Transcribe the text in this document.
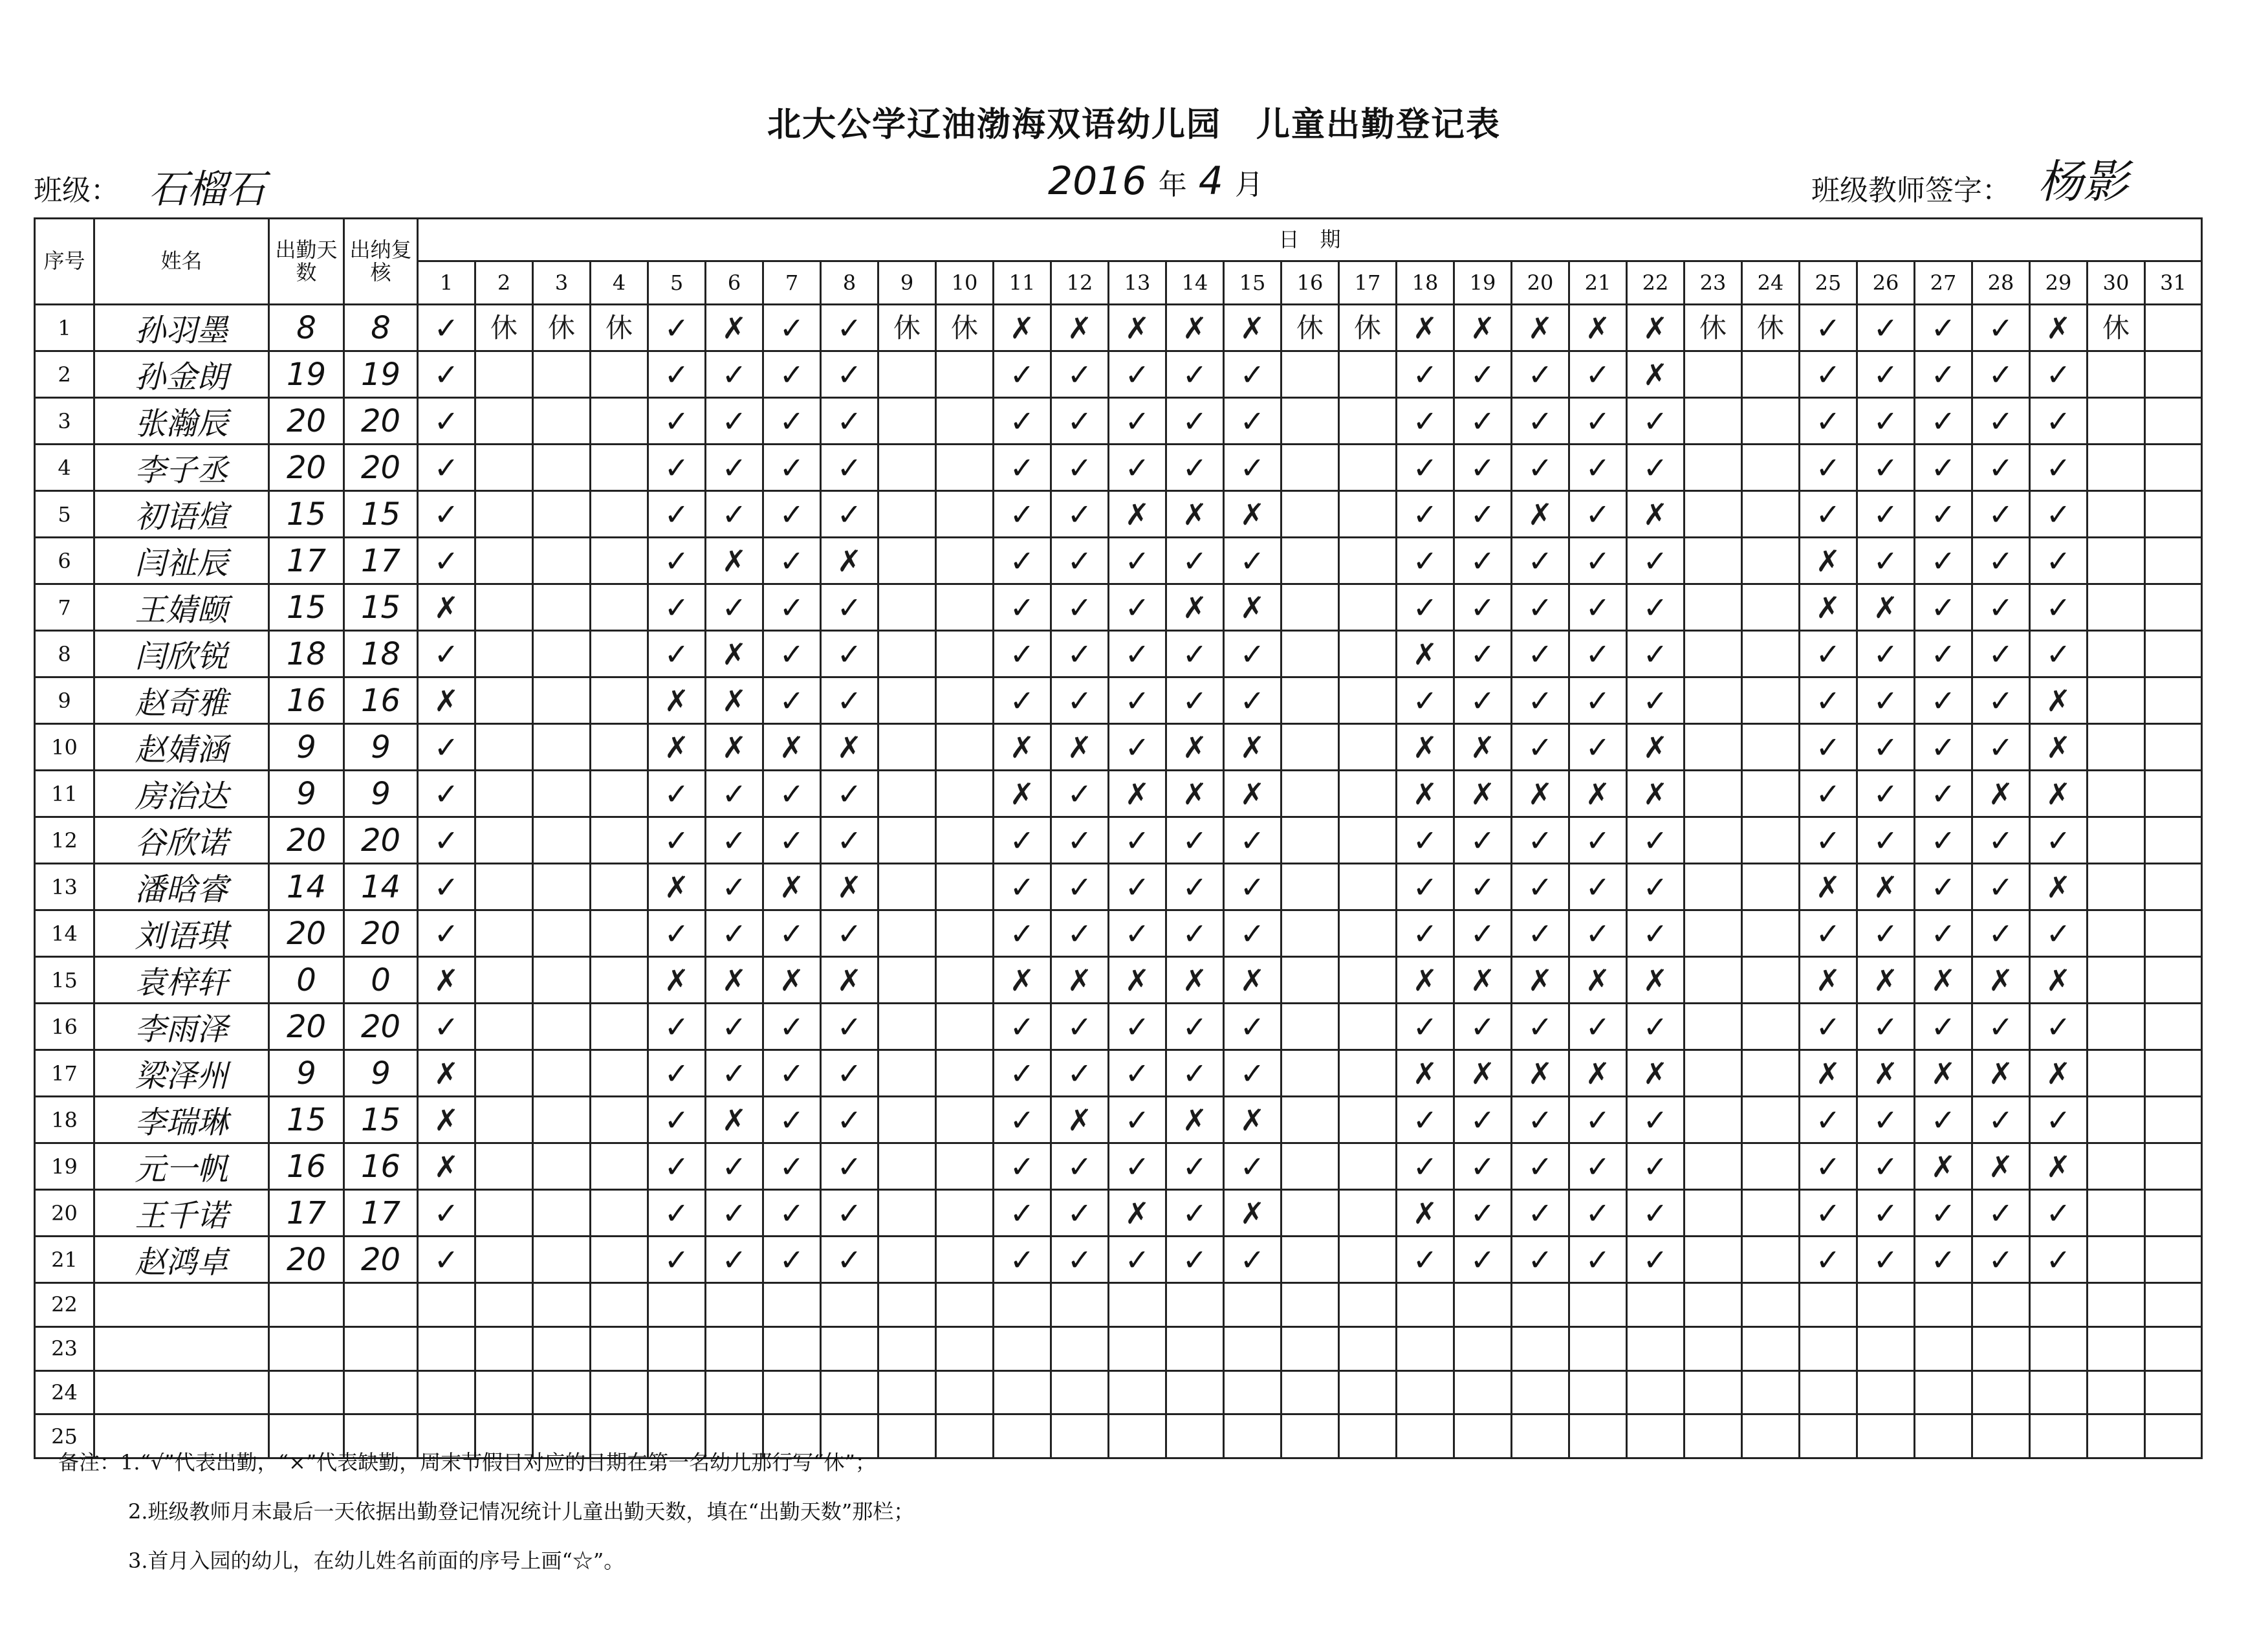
北大公学辽油渤海双语幼儿园　儿童出勤登记表
班级： 石榴石	2016 年 4 月	班级教师签字： 杨影
序号	姓名	出勤天数	出纳复核	日　期																														
				1	2	3	4	5	6	7	8	9	10	11	12	13	14	15	16	17	18	19	20	21	22	23	24	25	26	27	28	29	30	31
1	孙羽墨	8	8	✓	休	休	休	✓	✗	✓	✓	休	休	✗	✗	✗	✗	✗	休	休	✗	✗	✗	✗	✗	休	休	✓	✓	✓	✓	✗	休	
2	孙金朗	19	19	✓				✓	✓	✓	✓			✓	✓	✓	✓	✓			✓	✓	✓	✓	✗			✓	✓	✓	✓	✓		
3	张瀚辰	20	20	✓				✓	✓	✓	✓			✓	✓	✓	✓	✓			✓	✓	✓	✓	✓			✓	✓	✓	✓	✓		
4	李子丞	20	20	✓				✓	✓	✓	✓			✓	✓	✓	✓	✓			✓	✓	✓	✓	✓			✓	✓	✓	✓	✓		
5	初语煊	15	15	✓				✓	✓	✓	✓			✓	✓	✗	✗	✗			✓	✓	✗	✓	✗			✓	✓	✓	✓	✓		
6	闫祉辰	17	17	✓				✓	✗	✓	✗			✓	✓	✓	✓	✓			✓	✓	✓	✓	✓			✗	✓	✓	✓	✓		
7	王婧颐	15	15	✗				✓	✓	✓	✓			✓	✓	✓	✗	✗			✓	✓	✓	✓	✓			✗	✗	✓	✓	✓		
8	闫欣锐	18	18	✓				✓	✗	✓	✓			✓	✓	✓	✓	✓			✗	✓	✓	✓	✓			✓	✓	✓	✓	✓		
9	赵奇雅	16	16	✗				✗	✗	✓	✓			✓	✓	✓	✓	✓			✓	✓	✓	✓	✓			✓	✓	✓	✓	✗		
10	赵婧涵	9	9	✓				✗	✗	✗	✗			✗	✗	✓	✗	✗			✗	✗	✓	✓	✗			✓	✓	✓	✓	✗		
11	房治达	9	9	✓				✓	✓	✓	✓			✗	✓	✗	✗	✗			✗	✗	✗	✗	✗			✓	✓	✓	✗	✗		
12	谷欣诺	20	20	✓				✓	✓	✓	✓			✓	✓	✓	✓	✓			✓	✓	✓	✓	✓			✓	✓	✓	✓	✓		
13	潘晗睿	14	14	✓				✗	✓	✗	✗			✓	✓	✓	✓	✓			✓	✓	✓	✓	✓			✗	✗	✓	✓	✗		
14	刘语琪	20	20	✓				✓	✓	✓	✓			✓	✓	✓	✓	✓			✓	✓	✓	✓	✓			✓	✓	✓	✓	✓		
15	袁梓轩	0	0	✗				✗	✗	✗	✗			✗	✗	✗	✗	✗			✗	✗	✗	✗	✗			✗	✗	✗	✗	✗		
16	李雨泽	20	20	✓				✓	✓	✓	✓			✓	✓	✓	✓	✓			✓	✓	✓	✓	✓			✓	✓	✓	✓	✓		
17	梁泽州	9	9	✗				✓	✓	✓	✓			✓	✓	✓	✓	✓			✗	✗	✗	✗	✗			✗	✗	✗	✗	✗		
18	李瑞琳	15	15	✗				✓	✗	✓	✓			✓	✗	✓	✗	✗			✓	✓	✓	✓	✓			✓	✓	✓	✓	✓		
19	元一帆	16	16	✗				✓	✓	✓	✓			✓	✓	✓	✓	✓			✓	✓	✓	✓	✓			✓	✓	✗	✗	✗		
20	王千诺	17	17	✓				✓	✓	✓	✓			✓	✓	✗	✓	✗			✗	✓	✓	✓	✓			✓	✓	✓	✓	✓		
21	赵鸿卓	20	20	✓				✓	✓	✓	✓			✓	✓	✓	✓	✓			✓	✓	✓	✓	✓			✓	✓	✓	✓	✓		
22																																		
23																																		
24																																		
25																																		
备注：1.“√”代表出勤，“×”代表缺勤，周末节假日对应的日期在第一名幼儿那行写“休”；
2.班级教师月末最后一天依据出勤登记情况统计儿童出勤天数，填在“出勤天数”那栏；
3.首月入园的幼儿，在幼儿姓名前面的序号上画“☆”。
